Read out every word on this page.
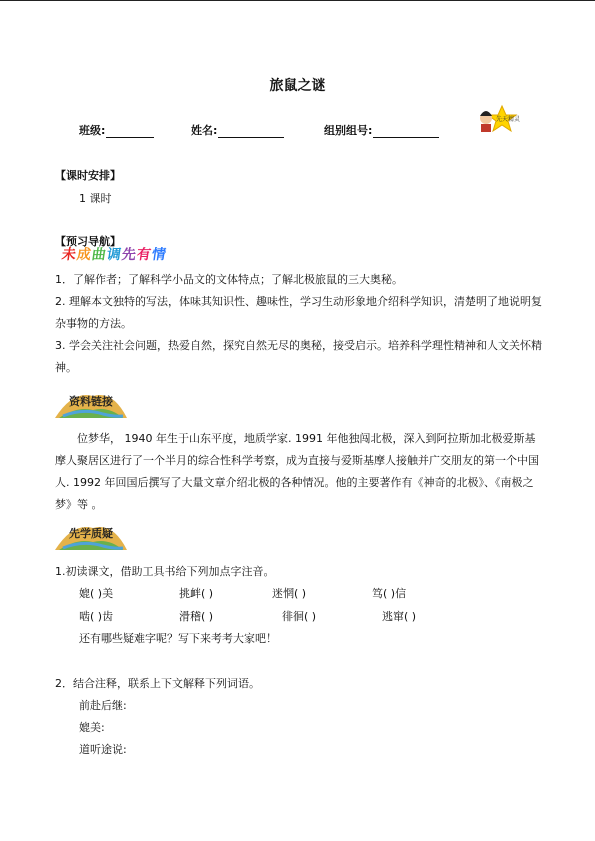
旅鼠之谜
班级:	姓名:	组别组号:
先天精灵
【课时安排】
1 课时
【预习导航】
未成曲调先有情
1．了解作者；了解科学小品文的文体特点；了解北极旅鼠的三大奥秘。
2. 理解本文独特的写法，体味其知识性、趣味性，学习生动形象地介绍科学知识，清楚明了地说明复杂事物的方法。
3. 学会关注社会问题，热爱自然，探究自然无尽的奥秘，接受启示。培养科学理性精神和人文关怀精神。
资料链接
位梦华， 1940 年生于山东平度，地质学家. 1991 年他独闯北极，深入到阿拉斯加北极爱斯基摩人聚居区进行了一个半月的综合性科学考察，成为直接与爱斯基摩人接触并广交朋友的第一个中国人. 1992 年回国后撰写了大量文章介绍北极的各种情况。他的主要著作有《神奇的北极》、《南极之梦》等 。
先学质疑
1.初读课文，借助工具书给下列加点字注音。
媲( )美	挑衅( )	迷惘( )	笃( )信
啮( )齿	滑稽( )	徘徊( )	逃窜( )
还有哪些疑难字呢？写下来考考大家吧！
2．结合注释，联系上下文解释下列词语。
前赴后继:
媲美:
道听途说:
